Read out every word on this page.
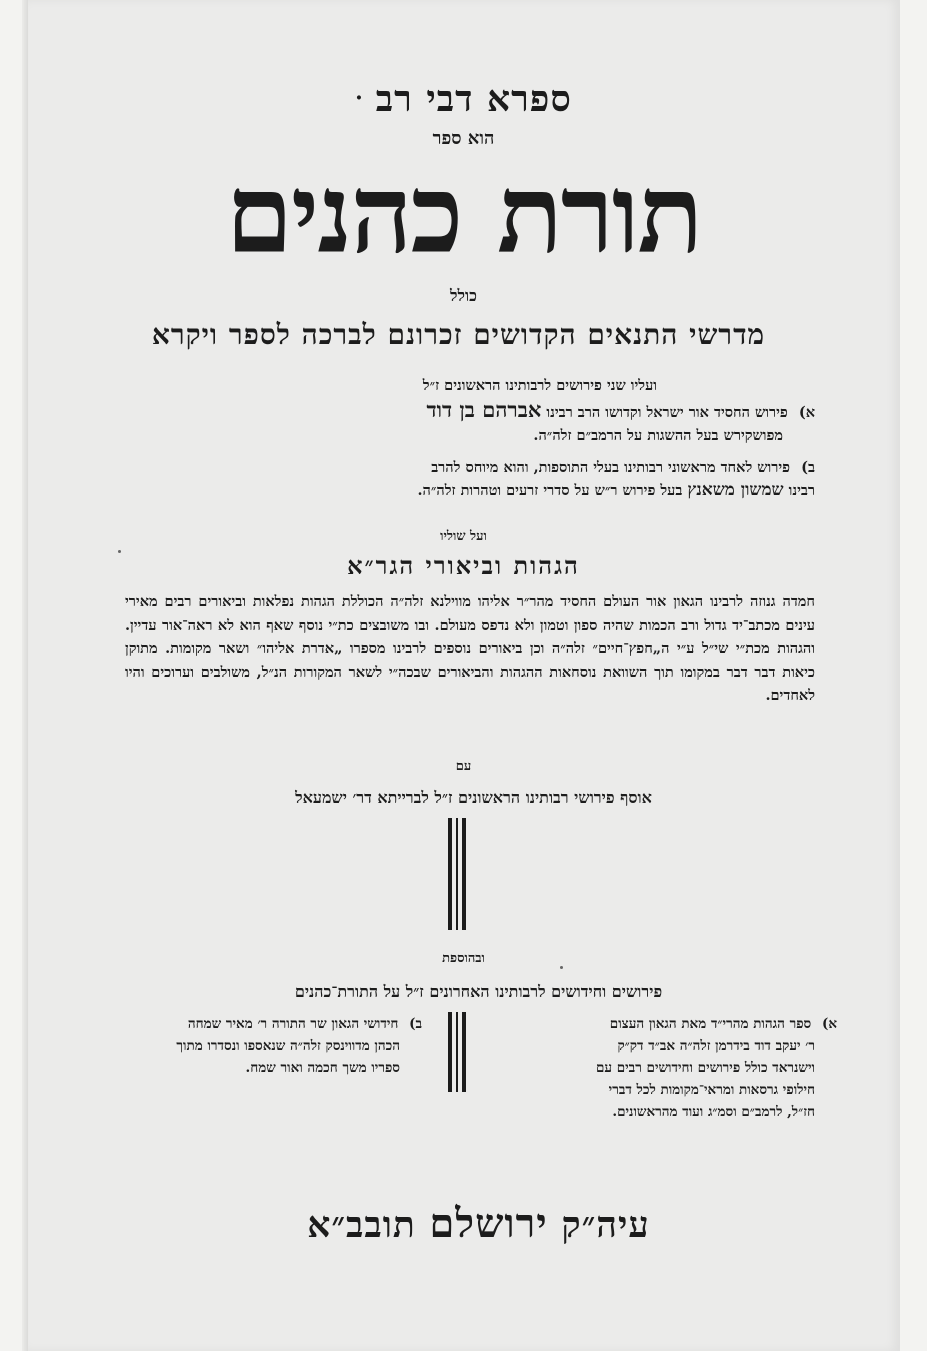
ספרא דבי רב·
הוא ספר
תורת כהנים
כולל
מדרשי התנאים הקדושים זכרונם לברכה לספר ויקרא
ועליו שני פירושים לרבותינו הראשונים ז״ל
א) פירוש החסיד אור ישראל וקדושו הרב רבינו אברהם בן דוד
מפושקירש בעל ההשגות על הרמב״ם זלה״ה.
ב) פירוש לאחד מראשוני רבותינו בעלי התוספות, והוא מיוחס להרב
רבינו שמשון משאנץ בעל פירוש ר״ש על סדרי זרעים וטהרות זלה״ה.
ועל שוליו
הגהות וביאורי הגר״א
חמדה גנוזה לרבינו הגאון אור העולם החסיד מהר״ר אליהו מווילנא זלה״ה הכוללת הגהות נפלאות וביאורים רבים מאירי עינים מכתב־יד גדול ורב הכמות שהיה ספון וטמון ולא נדפס מעולם. ובו משובצים כת״י נוסף שאף הוא לא ראה־אור עדיין. והגהות מכת״י שי״ל ע״י ה„חפץ־חיים״ זלה״ה וכן ביאורים נוספים לרבינו מספרו „אדרת אליהו״ ושאר מקומות. מתוקן כיאות דבר דבר במקומו תוך השוואת נוסחאות ההגהות והביאורים שבכה״י לשאר המקורות הנ״ל, משולבים וערוכים והיו לאחדים.
עם
אוסף פירושי רבותינו הראשונים ז״ל לברייתא דר׳ ישמעאל
ובהוספת
פירושים וחידושים לרבותינו האחרונים ז״ל על התורת־כהנים
א) ספר הגהות מהרי״ד מאת הגאון העצום
ר׳ יעקב דוד בידרמן זלה״ה אב״ד דק״ק
וישנראד כולל פירושים וחידושים רבים עם
חילופי גרסאות ומראי־מקומות לכל דברי
חז״ל, לרמב״ם וסמ״ג ועוד מהראשונים.
ב) חידושי הגאון שר התורה ר׳ מאיר שמחה
הכהן מדווינסק זלה״ה שנאספו ונסדרו מתוך
ספריו משך חכמה ואור שמח.
עיה״ק ירושלם תובב״א
